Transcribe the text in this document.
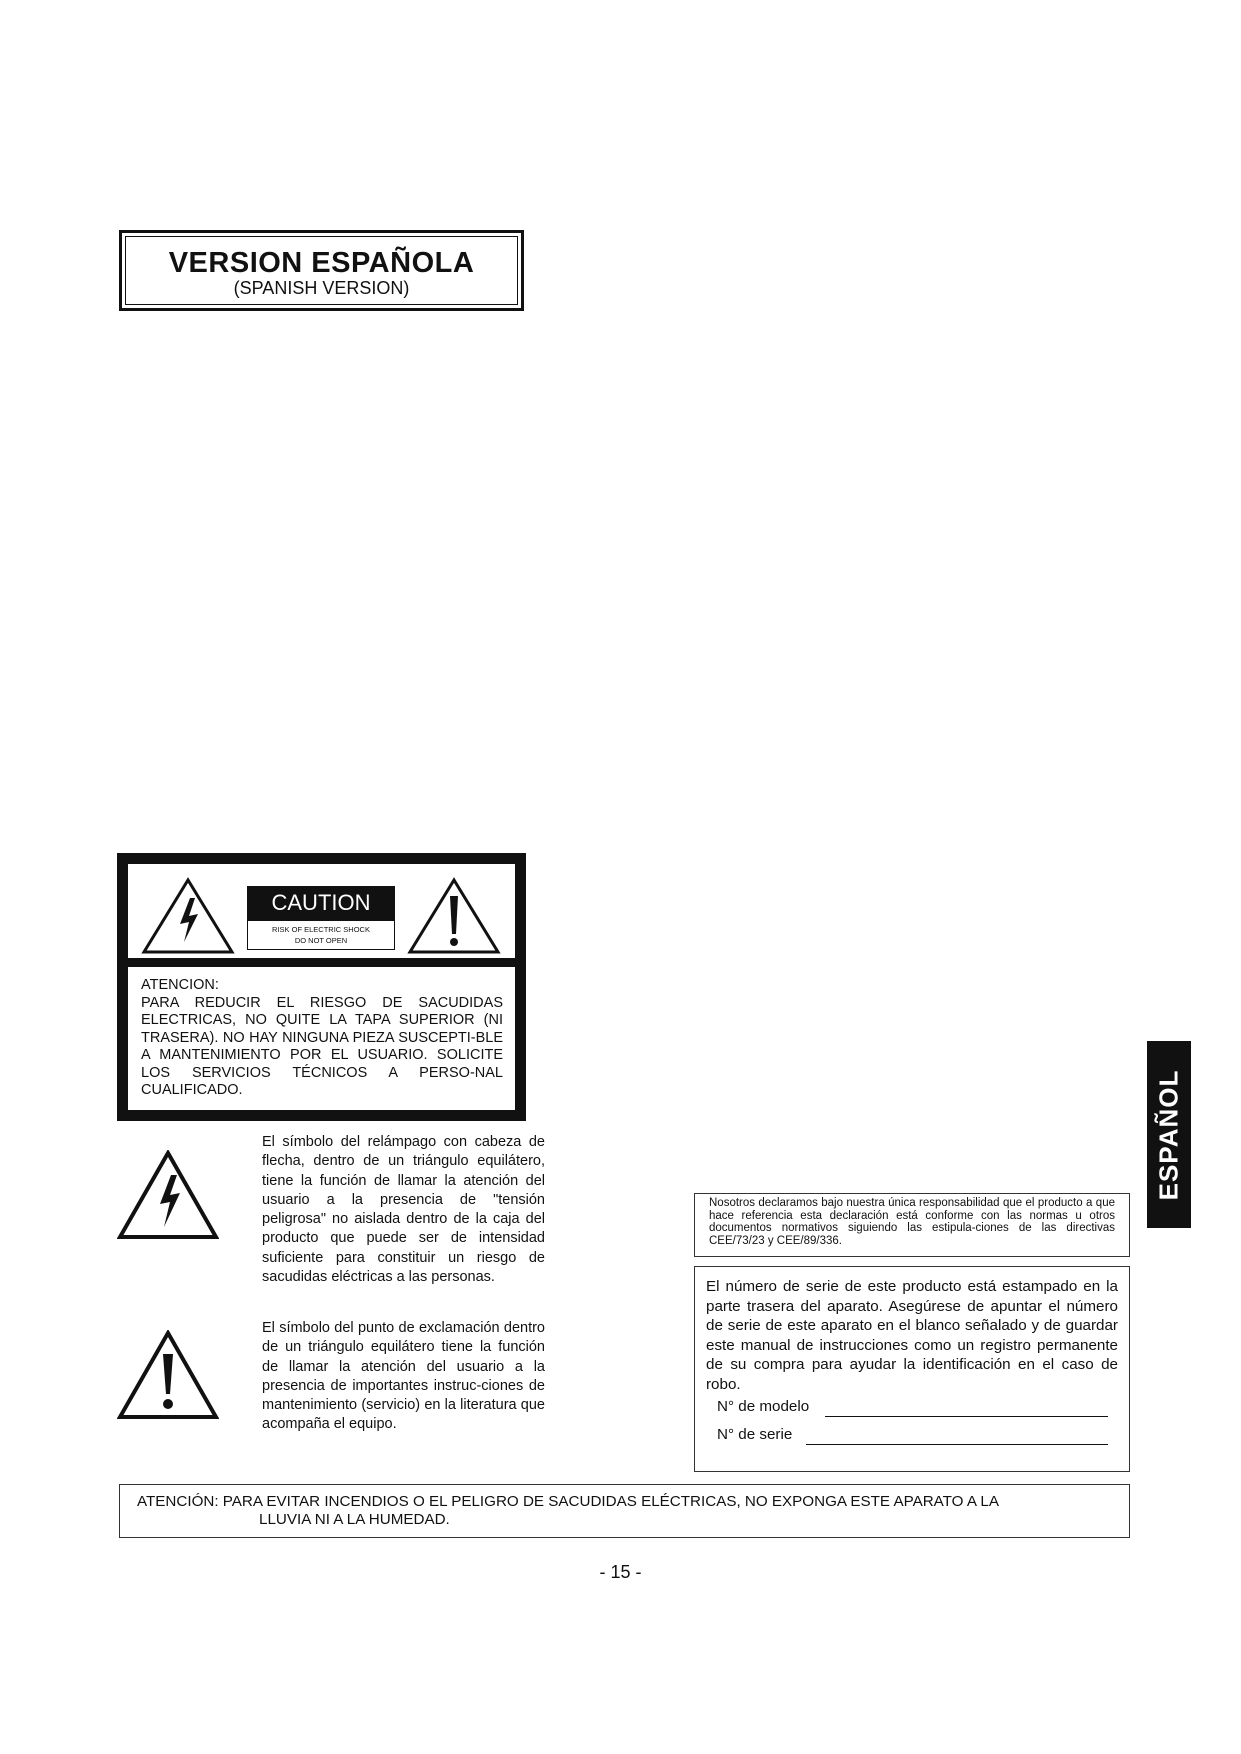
VERSION ESPAÑOLA
(SPANISH VERSION)
CAUTION
RISK OF ELECTRIC SHOCK
DO NOT OPEN
ATENCION:
PARA REDUCIR EL RIESGO DE SACUDIDAS ELECTRICAS, NO QUITE LA TAPA SUPERIOR (NI TRASERA). NO HAY NINGUNA PIEZA SUSCEPTI-BLE A MANTENIMIENTO POR EL USUARIO. SOLICITE LOS SERVICIOS TÉCNICOS A PERSO-NAL CUALIFICADO.
El símbolo del relámpago con cabeza de flecha, dentro de un triángulo equilátero, tiene la función de llamar la atención del usuario a la presencia de "tensión peligrosa" no aislada dentro de la caja del producto que puede ser de intensidad suficiente para constituir un riesgo de sacudidas eléctricas a las personas.
El símbolo del punto de exclamación dentro de un triángulo equilátero tiene la función de llamar la atención del usuario a la presencia de importantes instruc-ciones de mantenimiento (servicio) en la literatura que acompaña el equipo.
Nosotros declaramos bajo nuestra única responsabilidad que el producto a que hace referencia esta declaración está conforme con las normas u otros documentos normativos siguiendo las estipula-ciones de las directivas CEE/73/23 y CEE/89/336.
El número de serie de este producto está estampado en la parte trasera del aparato. Asegúrese de apuntar el número de serie de este aparato en el blanco señalado y de guardar este manual de instrucciones como un registro permanente de su compra para ayudar la identificación en el caso de robo.
N° de modelo
N° de serie
ATENCIÓN: PARA EVITAR INCENDIOS O EL PELIGRO DE SACUDIDAS ELÉCTRICAS, NO EXPONGA ESTE APARATO A LA
LLUVIA NI A LA HUMEDAD.
- 15 -
ESPAÑOL
